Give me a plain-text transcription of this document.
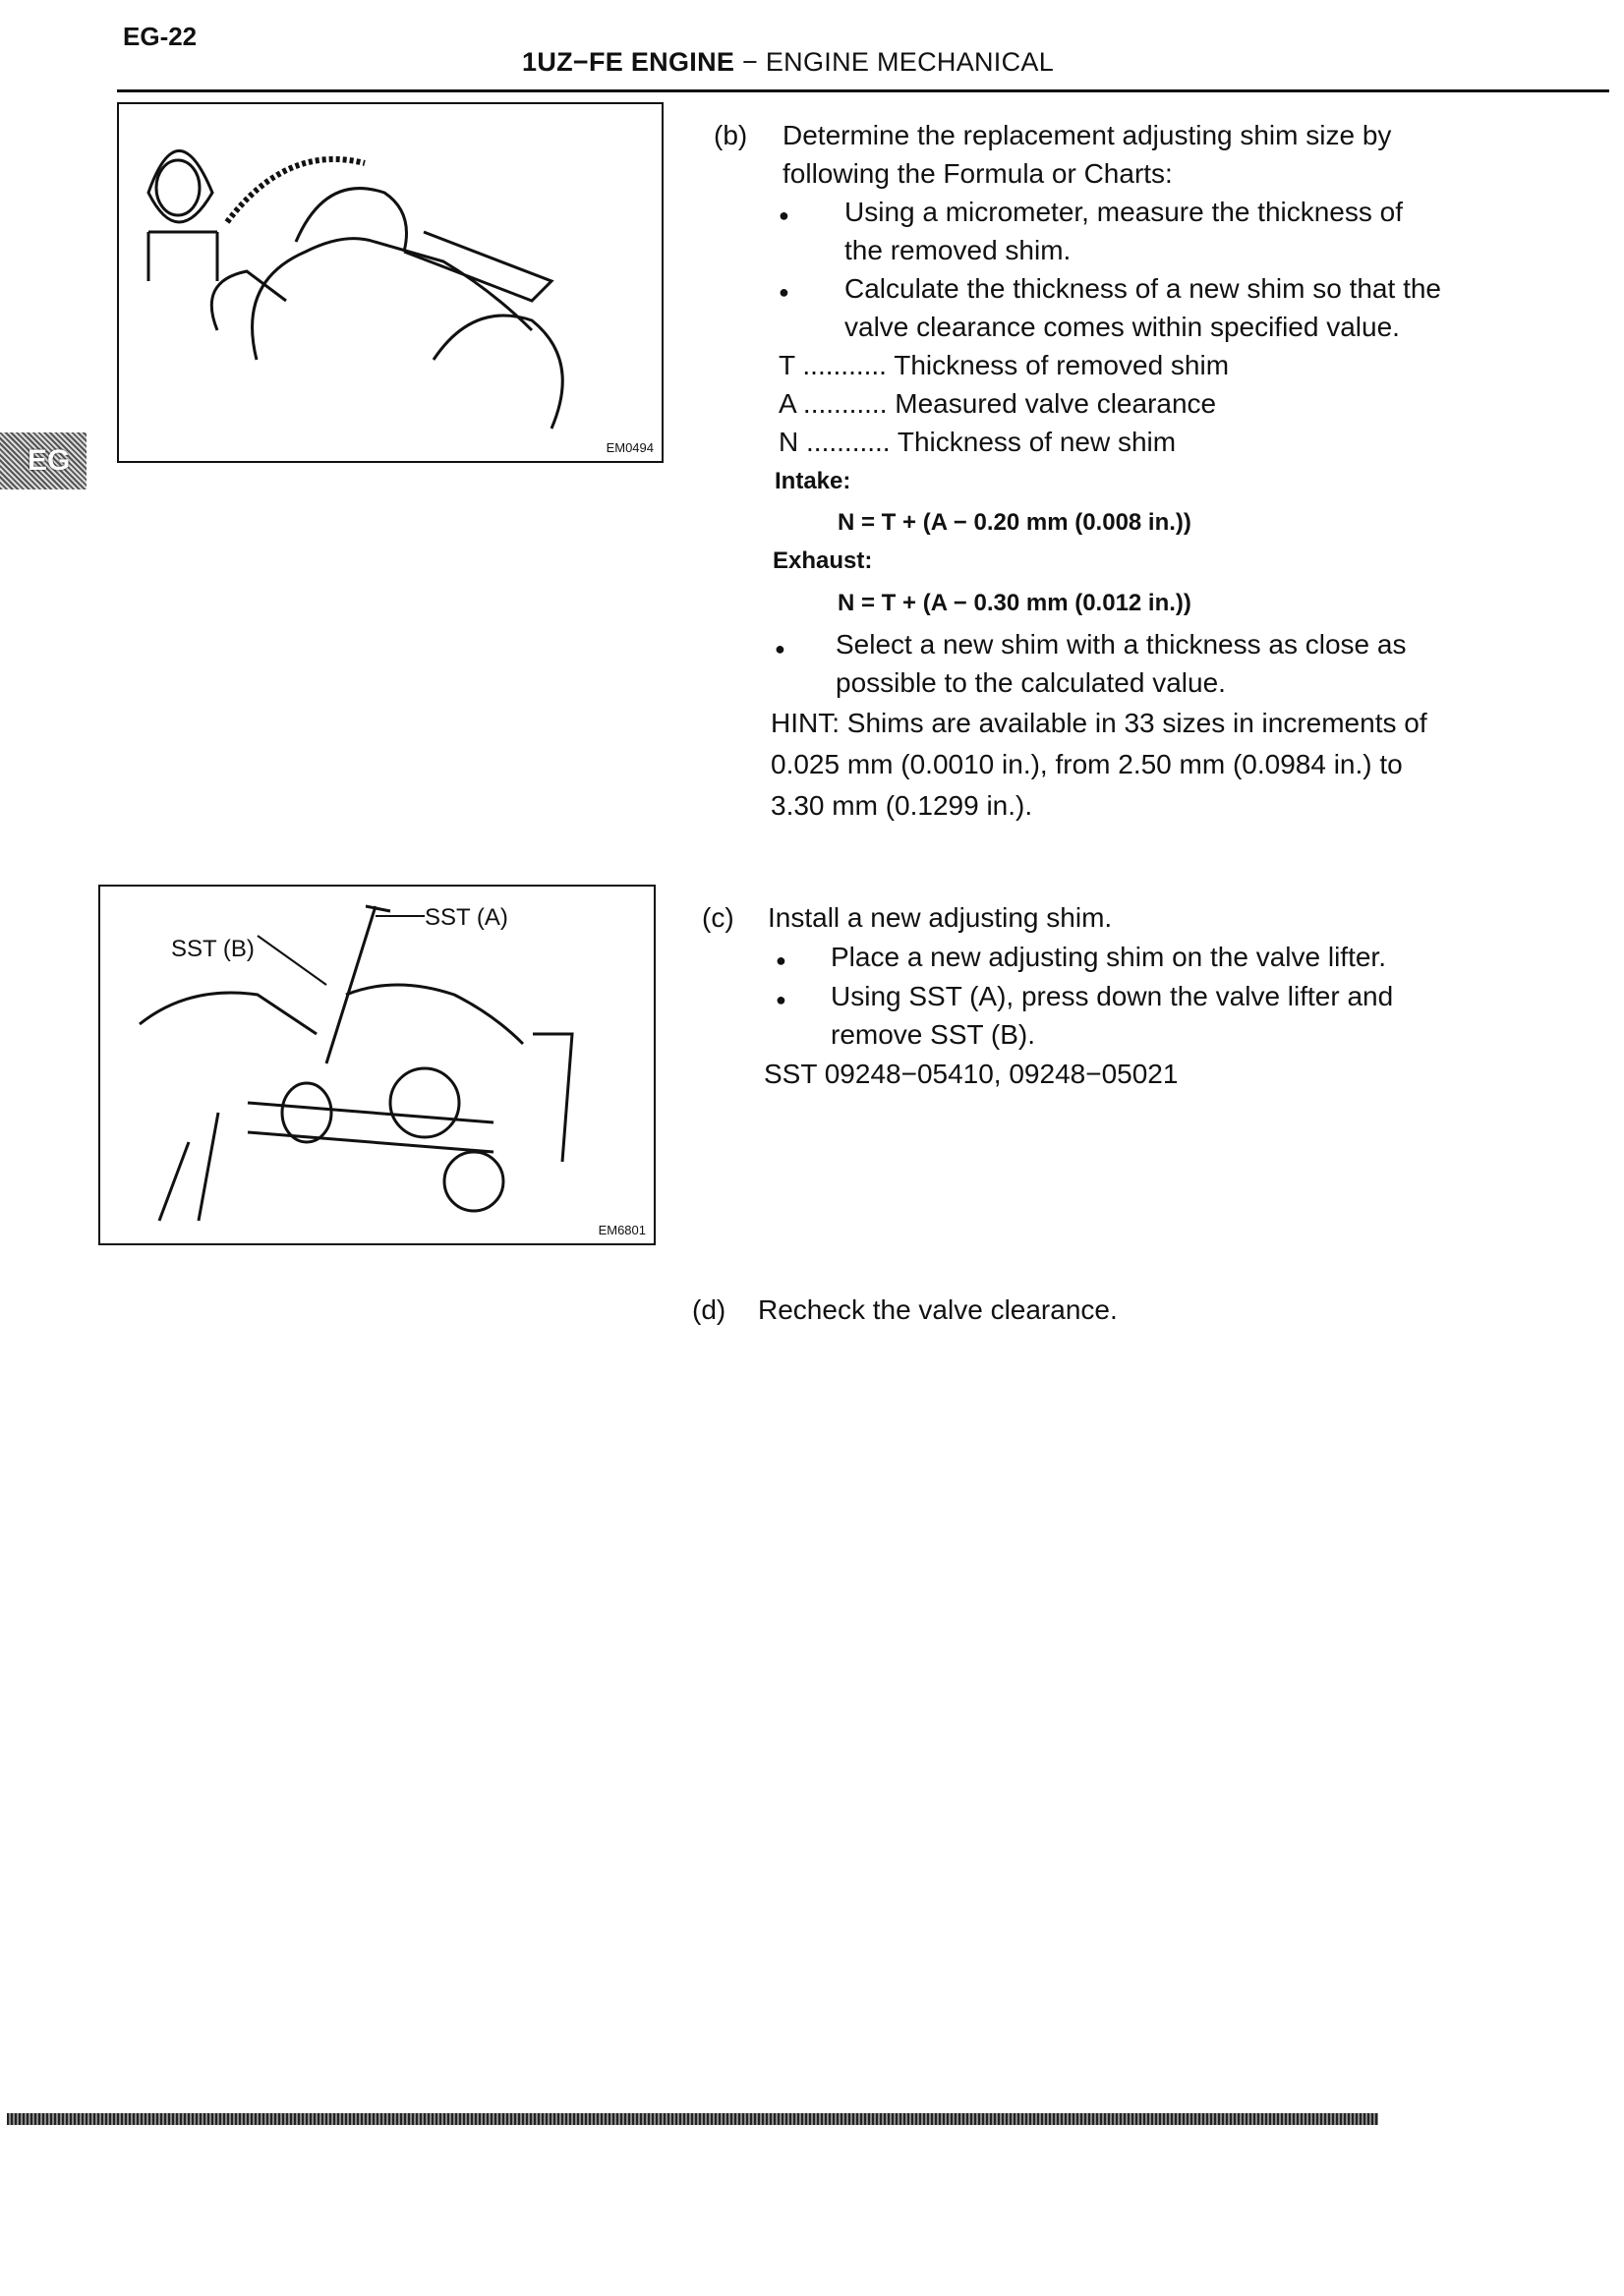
EG-22
1UZ−FE ENGINE − ENGINE MECHANICAL
EG	EM0494
(b) Determine the replacement adjusting shim size by
following the Formula or Charts:
● Using a micrometer, measure the thickness of
the removed shim.
● Calculate the thickness of a new shim so that the
valve clearance comes within specified value.
T ........... Thickness of removed shim
A ........... Measured valve clearance
N ........... Thickness of new shim
Intake:
N = T + (A − 0.20 mm (0.008 in.))
Exhaust:
N = T + (A − 0.30 mm (0.012 in.))
● Select a new shim with a thickness as close as
possible to the calculated value.
HINT: Shims are available in 33 sizes in increments of
0.025 mm (0.0010 in.), from 2.50 mm (0.0984 in.) to
3.30 mm (0.1299 in.).
SST (A)
SST (B)
EM6801
(c) Install a new adjusting shim.
● Place a new adjusting shim on the valve lifter.
● Using SST (A), press down the valve lifter and
remove SST (B).
SST 09248−05410, 09248−05021
(d) Recheck the valve clearance.
